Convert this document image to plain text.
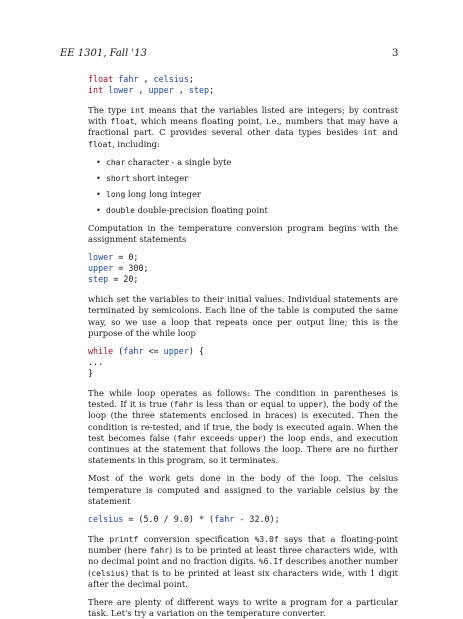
EE 1301, Fall '13	3
float fahr , celsius;
int lower , upper , step;

The type int means that the variables listed are integers; by contrast with float, which means floating point, i.e., numbers that may have a fractional part. C provides several other data types besides int and float, including:

• char character - a single byte
• short short integer
• long long long integer
• double double-precision floating point

Computation in the temperature conversion program begins with the assignment statements

lower = 0;
upper = 300;
step = 20;

which set the variables to their initial values. Individual statements are terminated by semicolons. Each line of the table is computed the same way, so we use a loop that repeats once per output line; this is the purpose of the while loop

while (fahr <= upper) {
...
}

The while loop operates as follows: The condition in parentheses is tested. If it is true (fahr is less than or equal to upper), the body of the loop (the three statements enclosed in braces) is executed. Then the condition is re-tested, and if true, the body is executed again. When the test becomes false (fahr exceeds upper) the loop ends, and execution continues at the statement that follows the loop. There are no further statements in this program, so it terminates.

Most of the work gets done in the body of the loop. The celsius temperature is computed and assigned to the variable celsius by the statement

celsius = (5.0 / 9.0) * (fahr - 32.0);

The printf conversion specification %3.0f says that a floating-point number (here fahr) is to be printed at least three characters wide, with no decimal point and no fraction digits. %6.1f describes another number (celsius) that is to be printed at least six characters wide, with 1 digit after the decimal point.

There are plenty of different ways to write a program for a particular task. Let's try a variation on the temperature converter.
